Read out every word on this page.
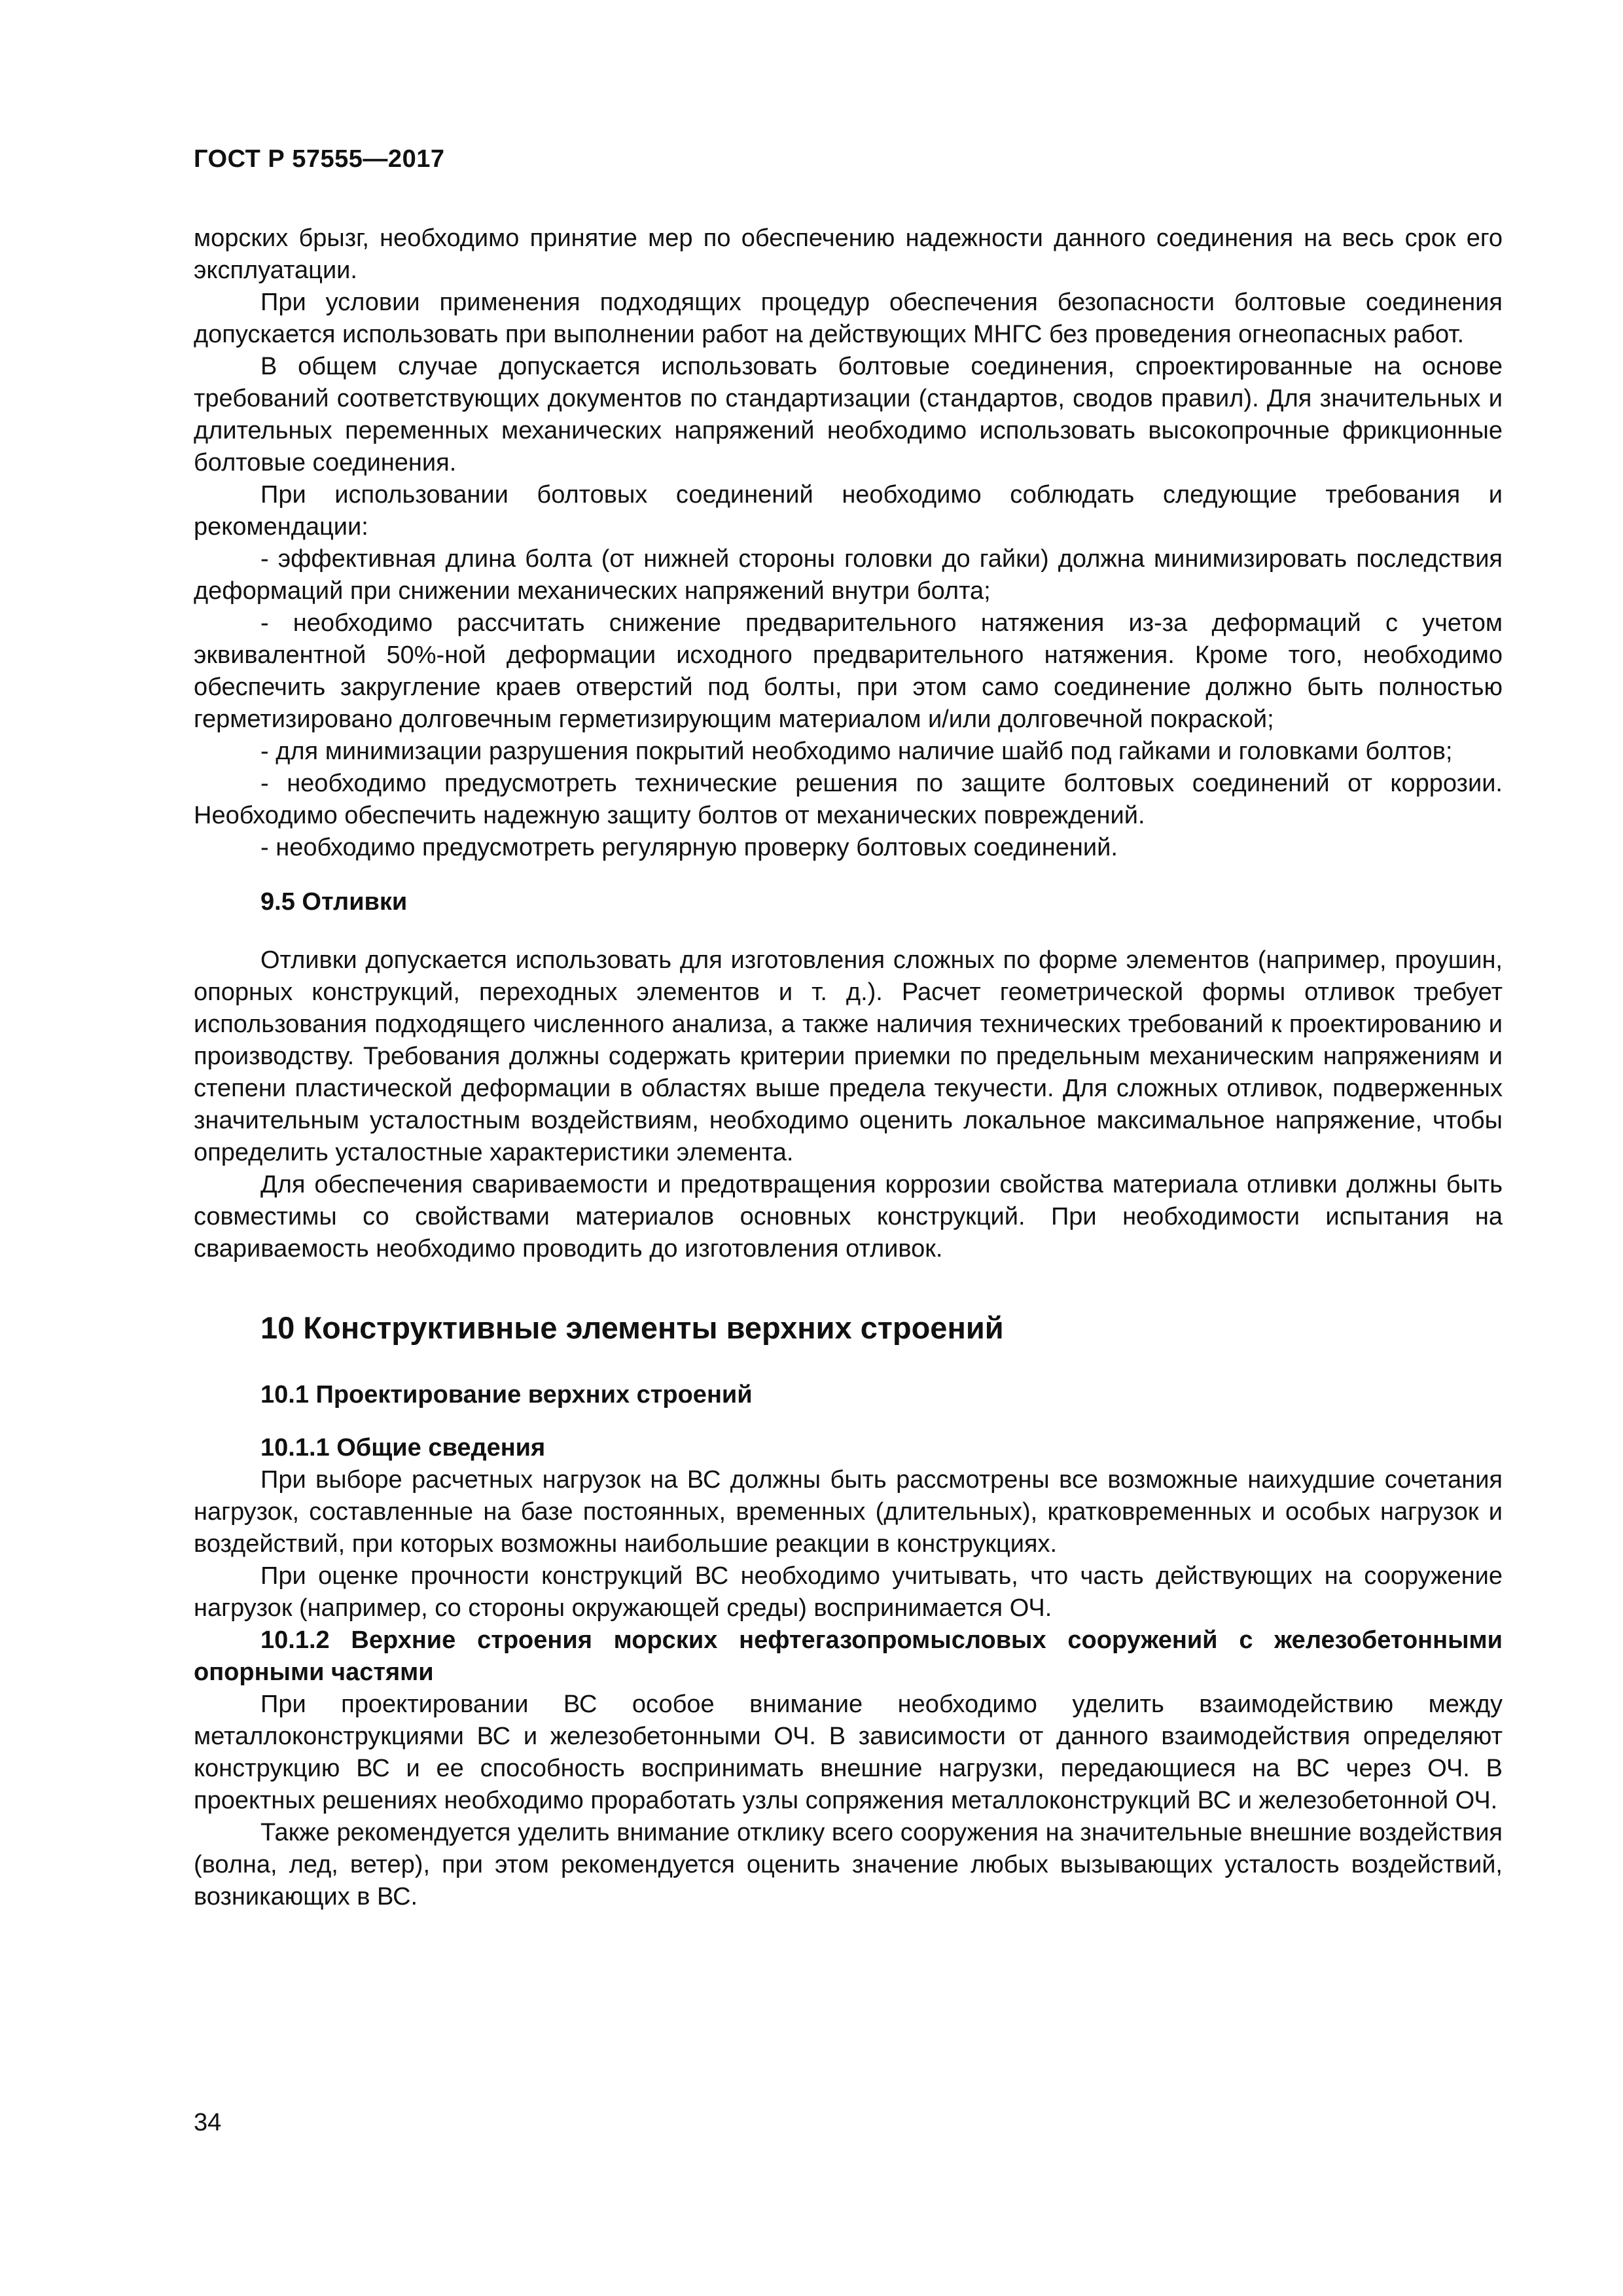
ГОСТ Р 57555—2017

морских брызг, необходимо принятие мер по обеспечению надежности данного соединения на весь срок его эксплуатации.

При условии применения подходящих процедур обеспечения безопасности болтовые соединения допускается использовать при выполнении работ на действующих МНГС без проведения огнеопасных работ.

В общем случае допускается использовать болтовые соединения, спроектированные на основе требований соответствующих документов по стандартизации (стандартов, сводов правил). Для значительных и длительных переменных механических напряжений необходимо использовать высокопрочные фрикционные болтовые соединения.

При использовании болтовых соединений необходимо соблюдать следующие требования и рекомендации:

- эффективная длина болта (от нижней стороны головки до гайки) должна минимизировать последствия деформаций при снижении механических напряжений внутри болта;

- необходимо рассчитать снижение предварительного натяжения из-за деформаций с учетом эквивалентной 50%-ной деформации исходного предварительного натяжения. Кроме того, необходимо обеспечить закругление краев отверстий под болты, при этом само соединение должно быть полностью герметизировано долговечным герметизирующим материалом и/или долговечной покраской;

- для минимизации разрушения покрытий необходимо наличие шайб под гайками и головками болтов;

- необходимо предусмотреть технические решения по защите болтовых соединений от коррозии. Необходимо обеспечить надежную защиту болтов от механических повреждений.

- необходимо предусмотреть регулярную проверку болтовых соединений.

9.5 Отливки

Отливки допускается использовать для изготовления сложных по форме элементов (например, проушин, опорных конструкций, переходных элементов и т. д.). Расчет геометрической формы отливок требует использования подходящего численного анализа, а также наличия технических требований к проектированию и производству. Требования должны содержать критерии приемки по предельным механическим напряжениям и степени пластической деформации в областях выше предела текучести. Для сложных отливок, подверженных значительным усталостным воздействиям, необходимо оценить локальное максимальное напряжение, чтобы определить усталостные характеристики элемента.

Для обеспечения свариваемости и предотвращения коррозии свойства материала отливки должны быть совместимы со свойствами материалов основных конструкций. При необходимости испытания на свариваемость необходимо проводить до изготовления отливок.

10 Конструктивные элементы верхних строений
10.1 Проектирование верхних строений

10.1.1 Общие сведения

При выборе расчетных нагрузок на ВС должны быть рассмотрены все возможные наихудшие сочетания нагрузок, составленные на базе постоянных, временных (длительных), кратковременных и особых нагрузок и воздействий, при которых возможны наибольшие реакции в конструкциях.

При оценке прочности конструкций ВС необходимо учитывать, что часть действующих на сооружение нагрузок (например, со стороны окружающей среды) воспринимается ОЧ.

10.1.2 Верхние строения морских нефтегазопромысловых сооружений с железобетонными опорными частями

При проектировании ВС особое внимание необходимо уделить взаимодействию между металлоконструкциями ВС и железобетонными ОЧ. В зависимости от данного взаимодействия определяют конструкцию ВС и ее способность воспринимать внешние нагрузки, передающиеся на ВС через ОЧ. В проектных решениях необходимо проработать узлы сопряжения металлоконструкций ВС и железобетонной ОЧ.

Также рекомендуется уделить внимание отклику всего сооружения на значительные внешние воздействия (волна, лед, ветер), при этом рекомендуется оценить значение любых вызывающих усталость воздействий, возникающих в ВС.

34
